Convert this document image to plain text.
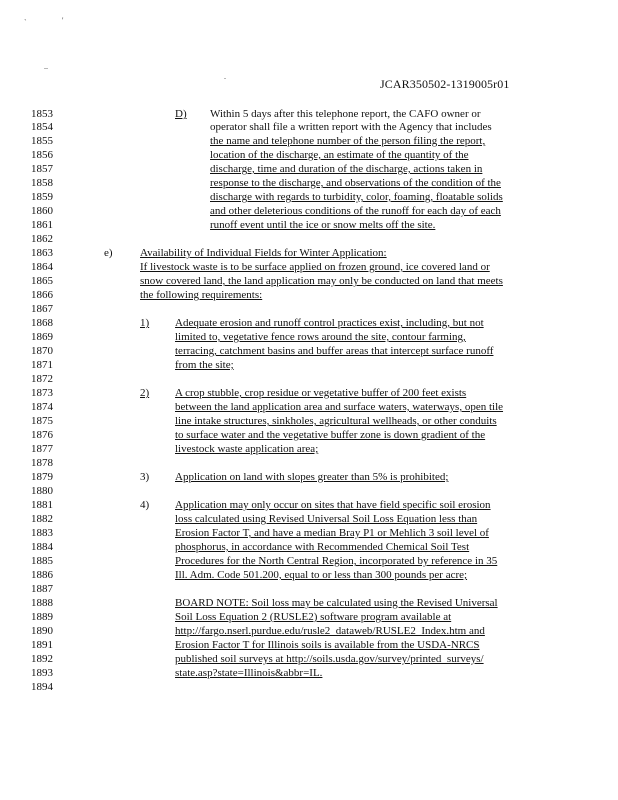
`	'
..
.
JCAR350502-1319005r01
1853
1854
1855
1856
1857
1858
1859
1860
1861
1862
1863
1864
1865
1866
1867
1868
1869
1870
1871
1872
1873
1874
1875
1876
1877
1878
1879
1880
1881
1882
1883
1884
1885
1886
1887
1888
1889
1890
1891
1892
1893
1894
D) Within 5 days after this telephone report, the CAFO owner or
operator shall file a written report with the Agency that includes
the name and telephone number of the person filing the report,
location of the discharge, an estimate of the quantity of the
discharge, time and duration of the discharge, actions taken in
response to the discharge, and observations of the condition of the
discharge with regards to turbidity, color, foaming, floatable solids
and other deleterious conditions of the runoff for each day of each
runoff event until the ice or snow melts off the site.
e) Availability of Individual Fields for Winter Application:
If livestock waste is to be surface applied on frozen ground, ice covered land or
snow covered land, the land application may only be conducted on land that meets
the following requirements:
1) Adequate erosion and runoff control practices exist, including, but not
limited to, vegetative fence rows around the site, contour farming,
terracing, catchment basins and buffer areas that intercept surface runoff
from the site;
2) A crop stubble, crop residue or vegetative buffer of 200 feet exists
between the land application area and surface waters, waterways, open tile
line intake structures, sinkholes, agricultural wellheads, or other conduits
to surface water and the vegetative buffer zone is down gradient of the
livestock waste application area;
3) Application on land with slopes greater than 5% is prohibited;
4) Application may only occur on sites that have field specific soil erosion
loss calculated using Revised Universal Soil Loss Equation less than
Erosion Factor T, and have a median Bray P1 or Mehlich 3 soil level of
phosphorus, in accordance with Recommended Chemical Soil Test
Procedures for the North Central Region, incorporated by reference in 35
Ill. Adm. Code 501.200, equal to or less than 300 pounds per acre;
BOARD NOTE: Soil loss may be calculated using the Revised Universal
Soil Loss Equation 2 (RUSLE2) software program available at
http://fargo.nserl.purdue.edu/rusle2_dataweb/RUSLE2_Index.htm and
Erosion Factor T for Illinois soils is available from the USDA-NRCS
published soil surveys at http://soils.usda.gov/survey/printed_surveys/
state.asp?state=Illinois&abbr=IL.
